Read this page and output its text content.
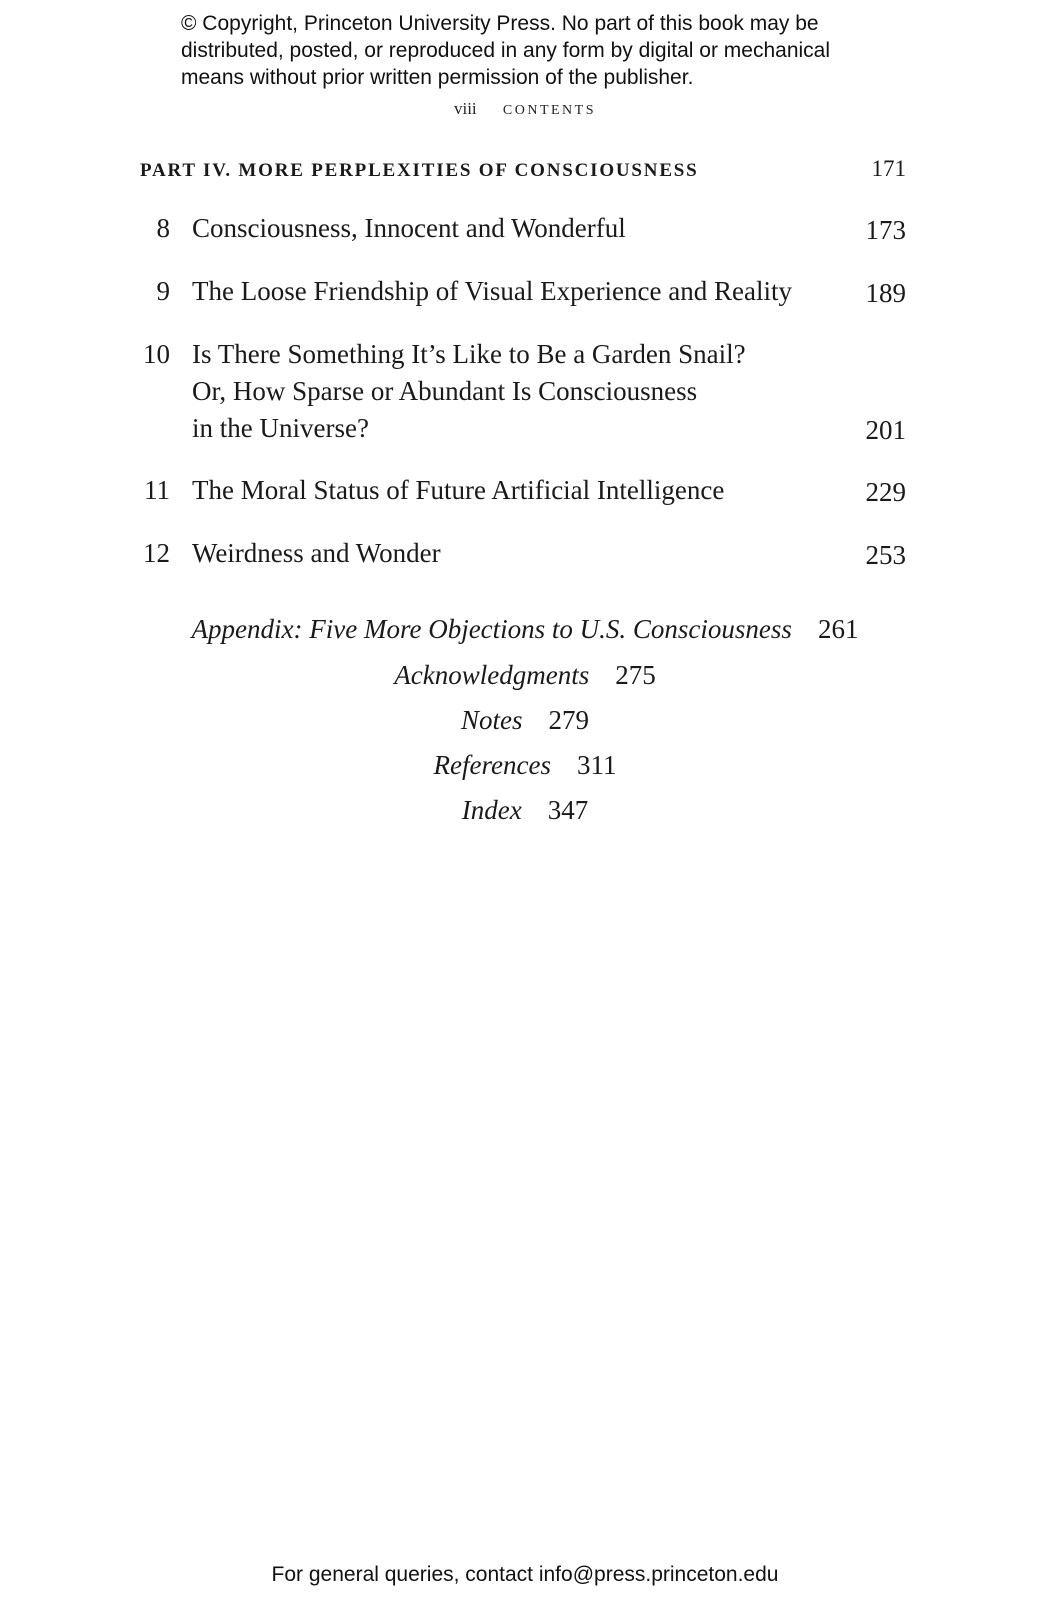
© Copyright, Princeton University Press. No part of this book may be
distributed, posted, or reproduced in any form by digital or mechanical
means without prior written permission of the publisher.
viii CONTENTS
PART IV. MORE PERPLEXITIES OF CONSCIOUSNESS	171
8 Consciousness, Innocent and Wonderful	173
9 The Loose Friendship of Visual Experience and Reality	189
10 Is There Something It’s Like to Be a Garden Snail?
Or, How Sparse or Abundant Is Consciousness
in the Universe?	201
11 The Moral Status of Future Artificial Intelligence	229
12 Weirdness and Wonder	253
Appendix: Five More Objections to U.S. Consciousness 261
Acknowledgments 275
Notes 279
References 311
Index 347
For general queries, contact info@press.princeton.edu
